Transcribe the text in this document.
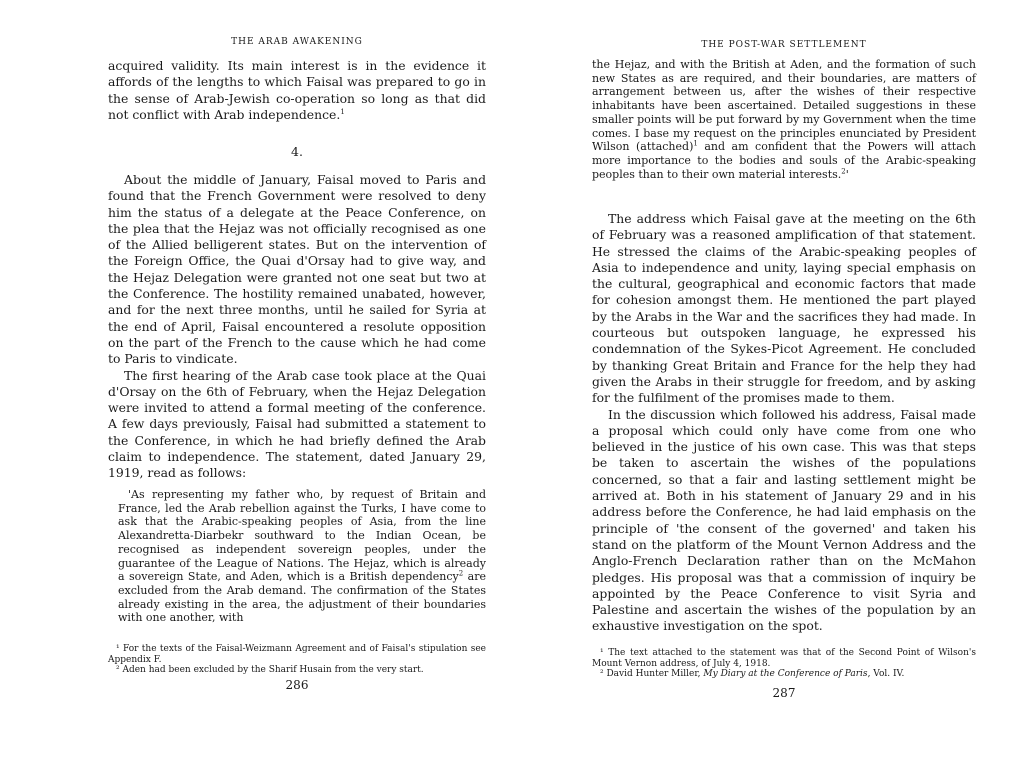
THE ARAB AWAKENING

acquired validity. Its main interest is in the evidence it affords of the lengths to which Faisal was prepared to go in the sense of Arab-Jewish co-operation so long as that did not conflict with Arab independence.$^1$

4.

About the middle of January, Faisal moved to Paris and found that the French Government were resolved to deny him the status of a delegate at the Peace Conference, on the plea that the Hejaz was not officially recognised as one of the Allied belligerent states. But on the intervention of the Foreign Office, the Quai d'Orsay had to give way, and the Hejaz Delegation were granted not one seat but two at the Conference. The hostility remained unabated, however, and for the next three months, until he sailed for Syria at the end of April, Faisal encountered a resolute opposition on the part of the French to the cause which he had come to Paris to vindicate.

The first hearing of the Arab case took place at the Quai d'Orsay on the 6th of February, when the Hejaz Delegation were invited to attend a formal meeting of the conference. A few days previously, Faisal had submitted a statement to the Conference, in which he had briefly defined the Arab claim to independence. The statement, dated January 29, 1919, read as follows:

'As representing my father who, by request of Britain and France, led the Arab rebellion against the Turks, I have come to ask that the Arabic-speaking peoples of Asia, from the line Alexandretta-Diarbekr southward to the Indian Ocean, be recognised as independent sovereign peoples, under the guarantee of the League of Nations. The Hejaz, which is already a sovereign State, and Aden, which is a British dependency$^2$ are excluded from the Arab demand. The confirmation of the States already existing in the area, the adjustment of their boundaries with one another, with

¹ For the texts of the Faisal-Weizmann Agreement and of Faisal's stipulation see Appendix F.

² Aden had been excluded by the Sharif Husain from the very start.

286
THE POST-WAR SETTLEMENT

the Hejaz, and with the British at Aden, and the formation of such new States as are required, and their boundaries, are matters of arrangement between us, after the wishes of their respective inhabitants have been ascertained. Detailed suggestions in these smaller points will be put forward by my Government when the time comes. I base my request on the principles enunciated by President Wilson (attached)$^1$ and am confident that the Powers will attach more importance to the bodies and souls of the Arabic-speaking peoples than to their own material interests.$^2$'

The address which Faisal gave at the meeting on the 6th of February was a reasoned amplification of that statement. He stressed the claims of the Arabic-speaking peoples of Asia to independence and unity, laying special emphasis on the cultural, geographical and economic factors that made for cohesion amongst them. He mentioned the part played by the Arabs in the War and the sacrifices they had made. In courteous but outspoken language, he expressed his condemnation of the Sykes-Picot Agreement. He concluded by thanking Great Britain and France for the help they had given the Arabs in their struggle for freedom, and by asking for the fulfilment of the promises made to them.

In the discussion which followed his address, Faisal made a proposal which could only have come from one who believed in the justice of his own case. This was that steps be taken to ascertain the wishes of the populations concerned, so that a fair and lasting settlement might be arrived at. Both in his statement of January 29 and in his address before the Conference, he had laid emphasis on the principle of 'the consent of the governed' and taken his stand on the platform of the Mount Vernon Address and the Anglo-French Declaration rather than on the McMahon pledges. His proposal was that a commission of inquiry be appointed by the Peace Conference to visit Syria and Palestine and ascertain the wishes of the population by an exhaustive investigation on the spot.

¹ The text attached to the statement was that of the Second Point of Wilson's Mount Vernon address, of July 4, 1918.

² David Hunter Miller, My Diary at the Conference of Paris, Vol. IV.

287
